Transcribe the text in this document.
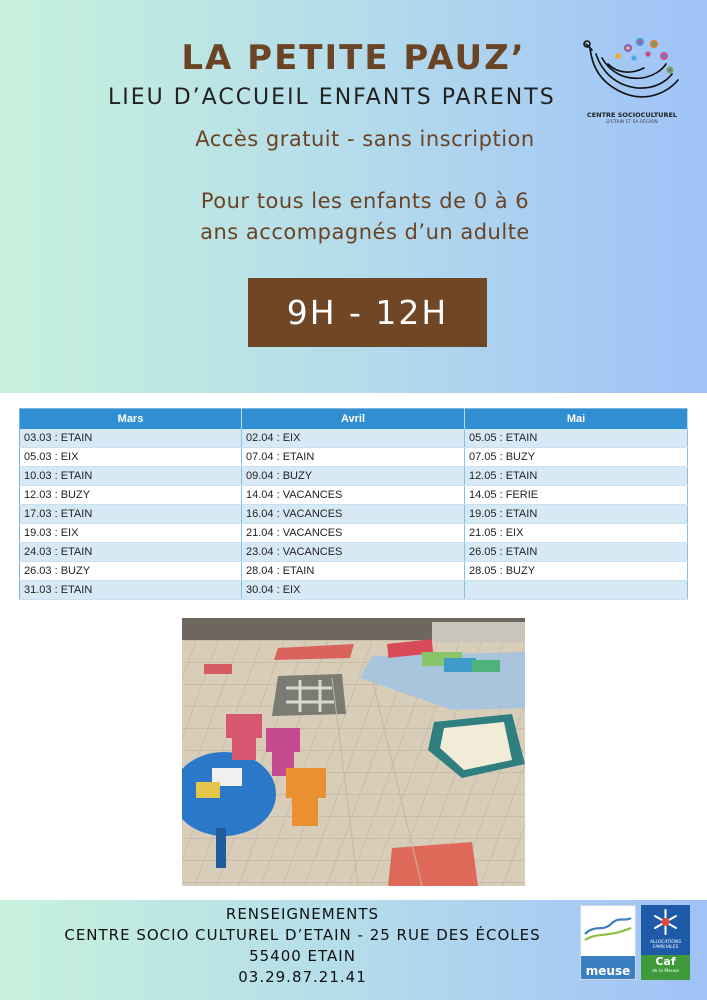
LA PETITE PAUZ’
LIEU D’ACCUEIL ENFANTS PARENTS
CENTRE SOCIOCULTUREL
D’ETAIN ET SA RÉGION
Accès gratuit - sans inscription
Pour tous les enfants de 0 à 6
ans accompagnés d’un adulte
9H - 12H
Mars	Avril	Mai
03.03 : ETAIN	02.04 : EIX	05.05 : ETAIN
05.03 : EIX	07.04 : ETAIN	07.05 : BUZY
10.03 : ETAIN	09.04 : BUZY	12.05 : ETAIN
12.03 : BUZY	14.04 : VACANCES	14.05 : FERIE
17.03 : ETAIN	16.04 : VACANCES	19.05 : ETAIN
19.03 : EIX	21.04 : VACANCES	21.05 : EIX
24.03 : ETAIN	23.04 : VACANCES	26.05 : ETAIN
26.03 : BUZY	28.04 : ETAIN	28.05 : BUZY
31.03 : ETAIN	30.04 : EIX	
RENSEIGNEMENTS
CENTRE SOCIO CULTUREL D’ETAIN - 25 RUE DES ÉCOLES
55400 ETAIN
03.29.87.21.41	meuse
ALLOCATIONS FAMILIALES
Caf
de la Meuse
